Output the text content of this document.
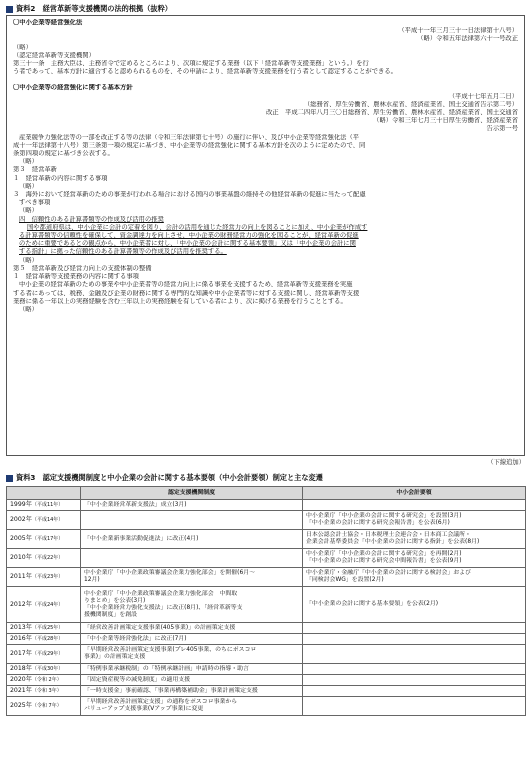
資料2　経営革新等支援機関の法的根拠（抜粋）
〇中小企業等経営強化法
（平成十一年三月三十一日法律第十八号）
（略）令和五年法律第六十一号改正
（略）
（認定経営革新等支援機関）
第三十一条　主務大臣は、主務省令で定めるところにより、次項に規定する業務（以下「経営革新等支援業務」という。）を行
う者であって、基本方針に適合すると認められるものを、その申請により、経営革新等支援業務を行う者として認定することができる。
〇中小企業等の経営強化に関する基本方針
（平成十七年五月二日）
（総務省、厚生労働省、農林水産省、経済産業省、国土交通省告示第二号）
改正　平成二四年八月三〇日総務省、厚生労働省、農林水産省、経済産業省、国土交通省
（略）令和三年七月三十日厚生労働省、経済産業省
告示第一号
産業競争力強化法等の一部を改正する等の法律（令和三年法律第七十号）の施行に伴い、及び中小企業等経営強化法（平
成十一年法律第十八号）第三条第一項の規定に基づき、中小企業等の経営強化に関する基本方針を次のように定めたので、同
条第四項の規定に基づき公表する。
（略）
第３　経営革新
１　経営革新の内容に関する事項
（略）
３　海外において経営革新のための事業が行われる場合における国内の事業基盤の維持その他経営革新の促進に当たって配慮
すべき事項
（略）
四　信頼性のある計算書類等の作成及び活用の推奨
国や都道府県は、中小企業に会計の定着を図り、会計の活用を通じた経営力の向上を図ることに加え、中小企業が作成す
る計算書類等の信頼性を確保して、資金調達力を向上させ、中小企業の財務経営力の強化を図ることが、経営革新の促進
のために重要であるとの観点から、中小企業者に対し、「中小企業の会計に関する基本要領」又は「中小企業の会計に関
する指針」に拠った信頼性のある計算書類等の作成及び活用を推奨する。
（略）
第５　経営革新及び経営力向上の支援体制の整備
１　経営革新等支援業務の内容に関する事項
中小企業の経営革新のための事業や中小企業者等の経営力向上に係る事業を支援するため、経営革新等支援業務を実施
する者にあっては、税務、金融及び企業の財務に関する専門的な知識や中小企業者等に対する支援に関し、経営革新等支援
業務に係る一年以上の実務経験を含む三年以上の実務経験を有している者により、次に掲げる業務を行うこととする。
（略）
（下線追加）
資料3　認定支援機関制度と中小企業の会計に関する基本要領（中小会計要領）制定と主な変遷
	認定支援機関制度	中小会計要領
1999年（平成11年）	「中小企業経営革新支援法」成立(3月)	
2002年（平成14年）		中小企業庁「中小企業の会計に関する研究会」を設置(3月)
「中小企業の会計に関する研究会報告書」を公表(6月)
2005年（平成17年）	「中小企業新事業活動促進法」に改正(4月)	日本公認会計士協会・日本税理士会連合会・日本商工会議所・
企業会計基準委員会「中小企業の会計に関する指針」を公表(8月)
2010年（平成22年）		中小企業庁「中小企業の会計に関する研究会」を再開(2月)
「中小企業の会計に関する研究会中間報告書」を公表(9月)
2011年（平成23年）	中小企業庁「中小企業政策審議会企業力強化部会」を開催(6月～
12月)	中小企業庁・金融庁「中小企業の会計に関する検討会」および
「同検討会WG」を設置(2月)
2012年（平成24年）	中小企業庁「中小企業政策審議会企業力強化部会　中間取
りまとめ」を公表(3月)
「中小企業経営力強化支援法」に改正(8月)、「経営革新等支
援機関制度」を創設	「中小企業の会計に関する基本要領」を公表(2月)
2013年（平成25年）	「経営改善計画策定支援事業(405事業)」の計画策定支援	
2016年（平成28年）	「中小企業等経営強化法」に改正(7月)	
2017年（平成29年）	「早期経営改善計画策定支援事業(プレ405事業、のちにポスコロ
事業)」の計画策定支援	
2018年（平成30年）	「特例事業承継税制」の「特例承継計画」申請時の指導・助言	
2020年（令和 2年）	「固定資産税等の減免制度」の適用支援	
2021年（令和 3年）	「一時支援金」事前確認、「事業再構築補助金」事業計画策定支援	
2025年（令和 7年）	「早期経営改善計画策定支援」の通称をポスコロ事業から
バリューアップ支援事業(Vアップ事業)に変更	
